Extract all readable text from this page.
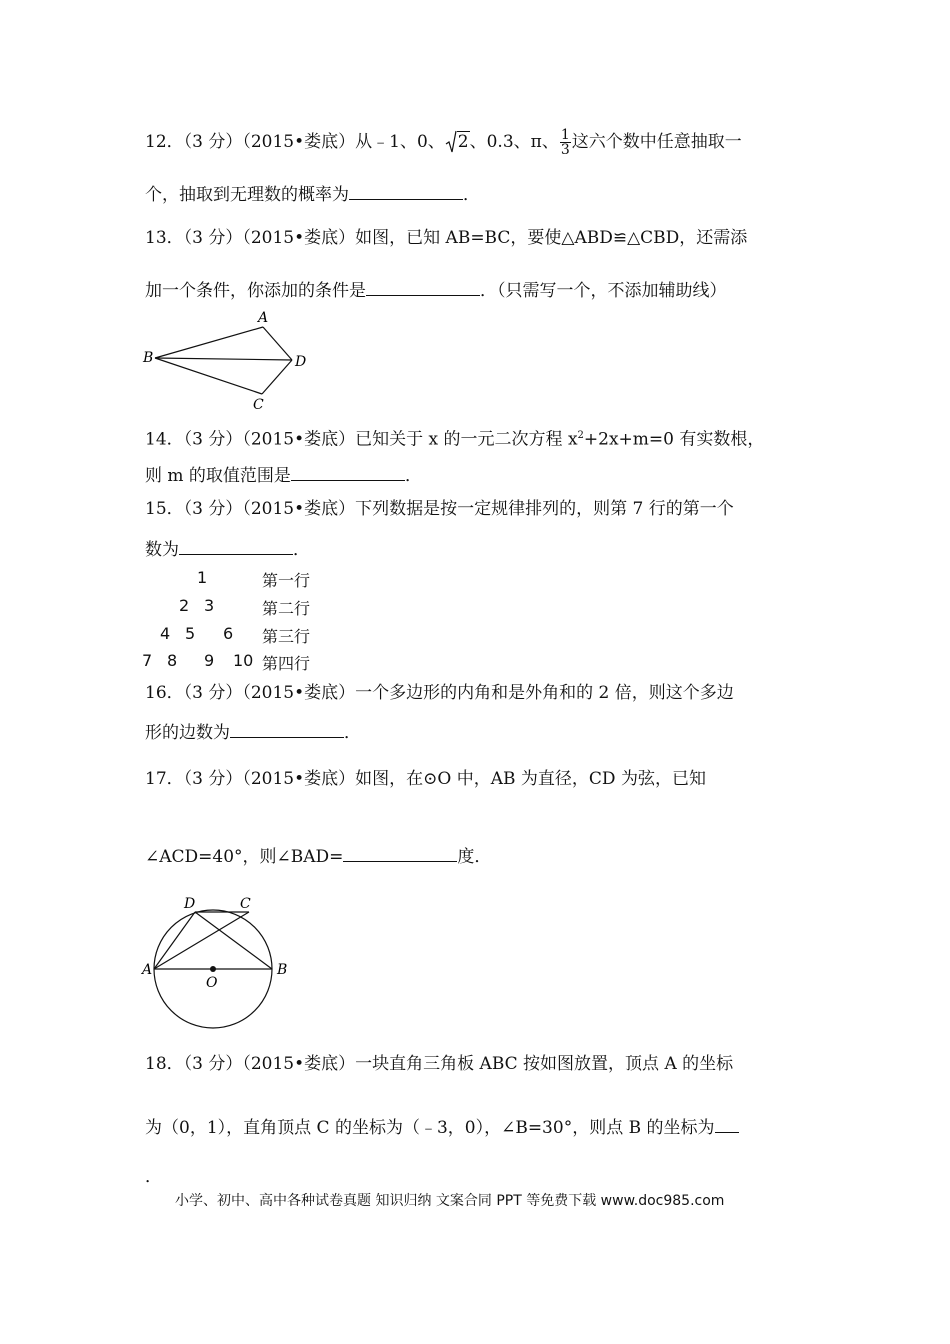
12．（3 分）（2015•娄底）从﹣1、0、 2、0.3、π、 $\frac{1}{3}$ 这六个数中任意抽取一
个，抽取到无理数的概率为	．
13．（3 分）（2015•娄底）如图，已知 AB=BC，要使△ABD≌△CBD，还需添
加一个条件，你添加的条件是	．（只需写一个，不添加辅助线）
A
B	D
C
14．（3 分）（2015•娄底）已知关于 x 的一元二次方程 $x^2+2x+m=0$ 有实数根，
则 m 的取值范围是	．
15．（3 分）（2015•娄底）下列数据是按一定规律排列的，则第 7 行的第一个
数为	．
1	第一行
2 3	第二行
4 5 6 第三行
7 8 9 10 第四行
16．（3 分）（2015•娄底）一个多边形的内角和是外角和的 2 倍，则这个多边
形的边数为	．
17．（3 分）（2015•娄底）如图，在⊙O 中，AB 为直径，CD 为弦，已知
∠ACD=40°，则∠BAD=	度．
D	C
A	B
O
18．（3 分）（2015•娄底）一块直角三角板 ABC 按如图放置，顶点 A 的坐标
为（0，1），直角顶点 C 的坐标为（﹣3，0），∠B=30°，则点 B 的坐标为
．
小学、初中、高中各种试卷真题 知识归纳 文案合同 PPT 等免费下载 www.doc985.com
